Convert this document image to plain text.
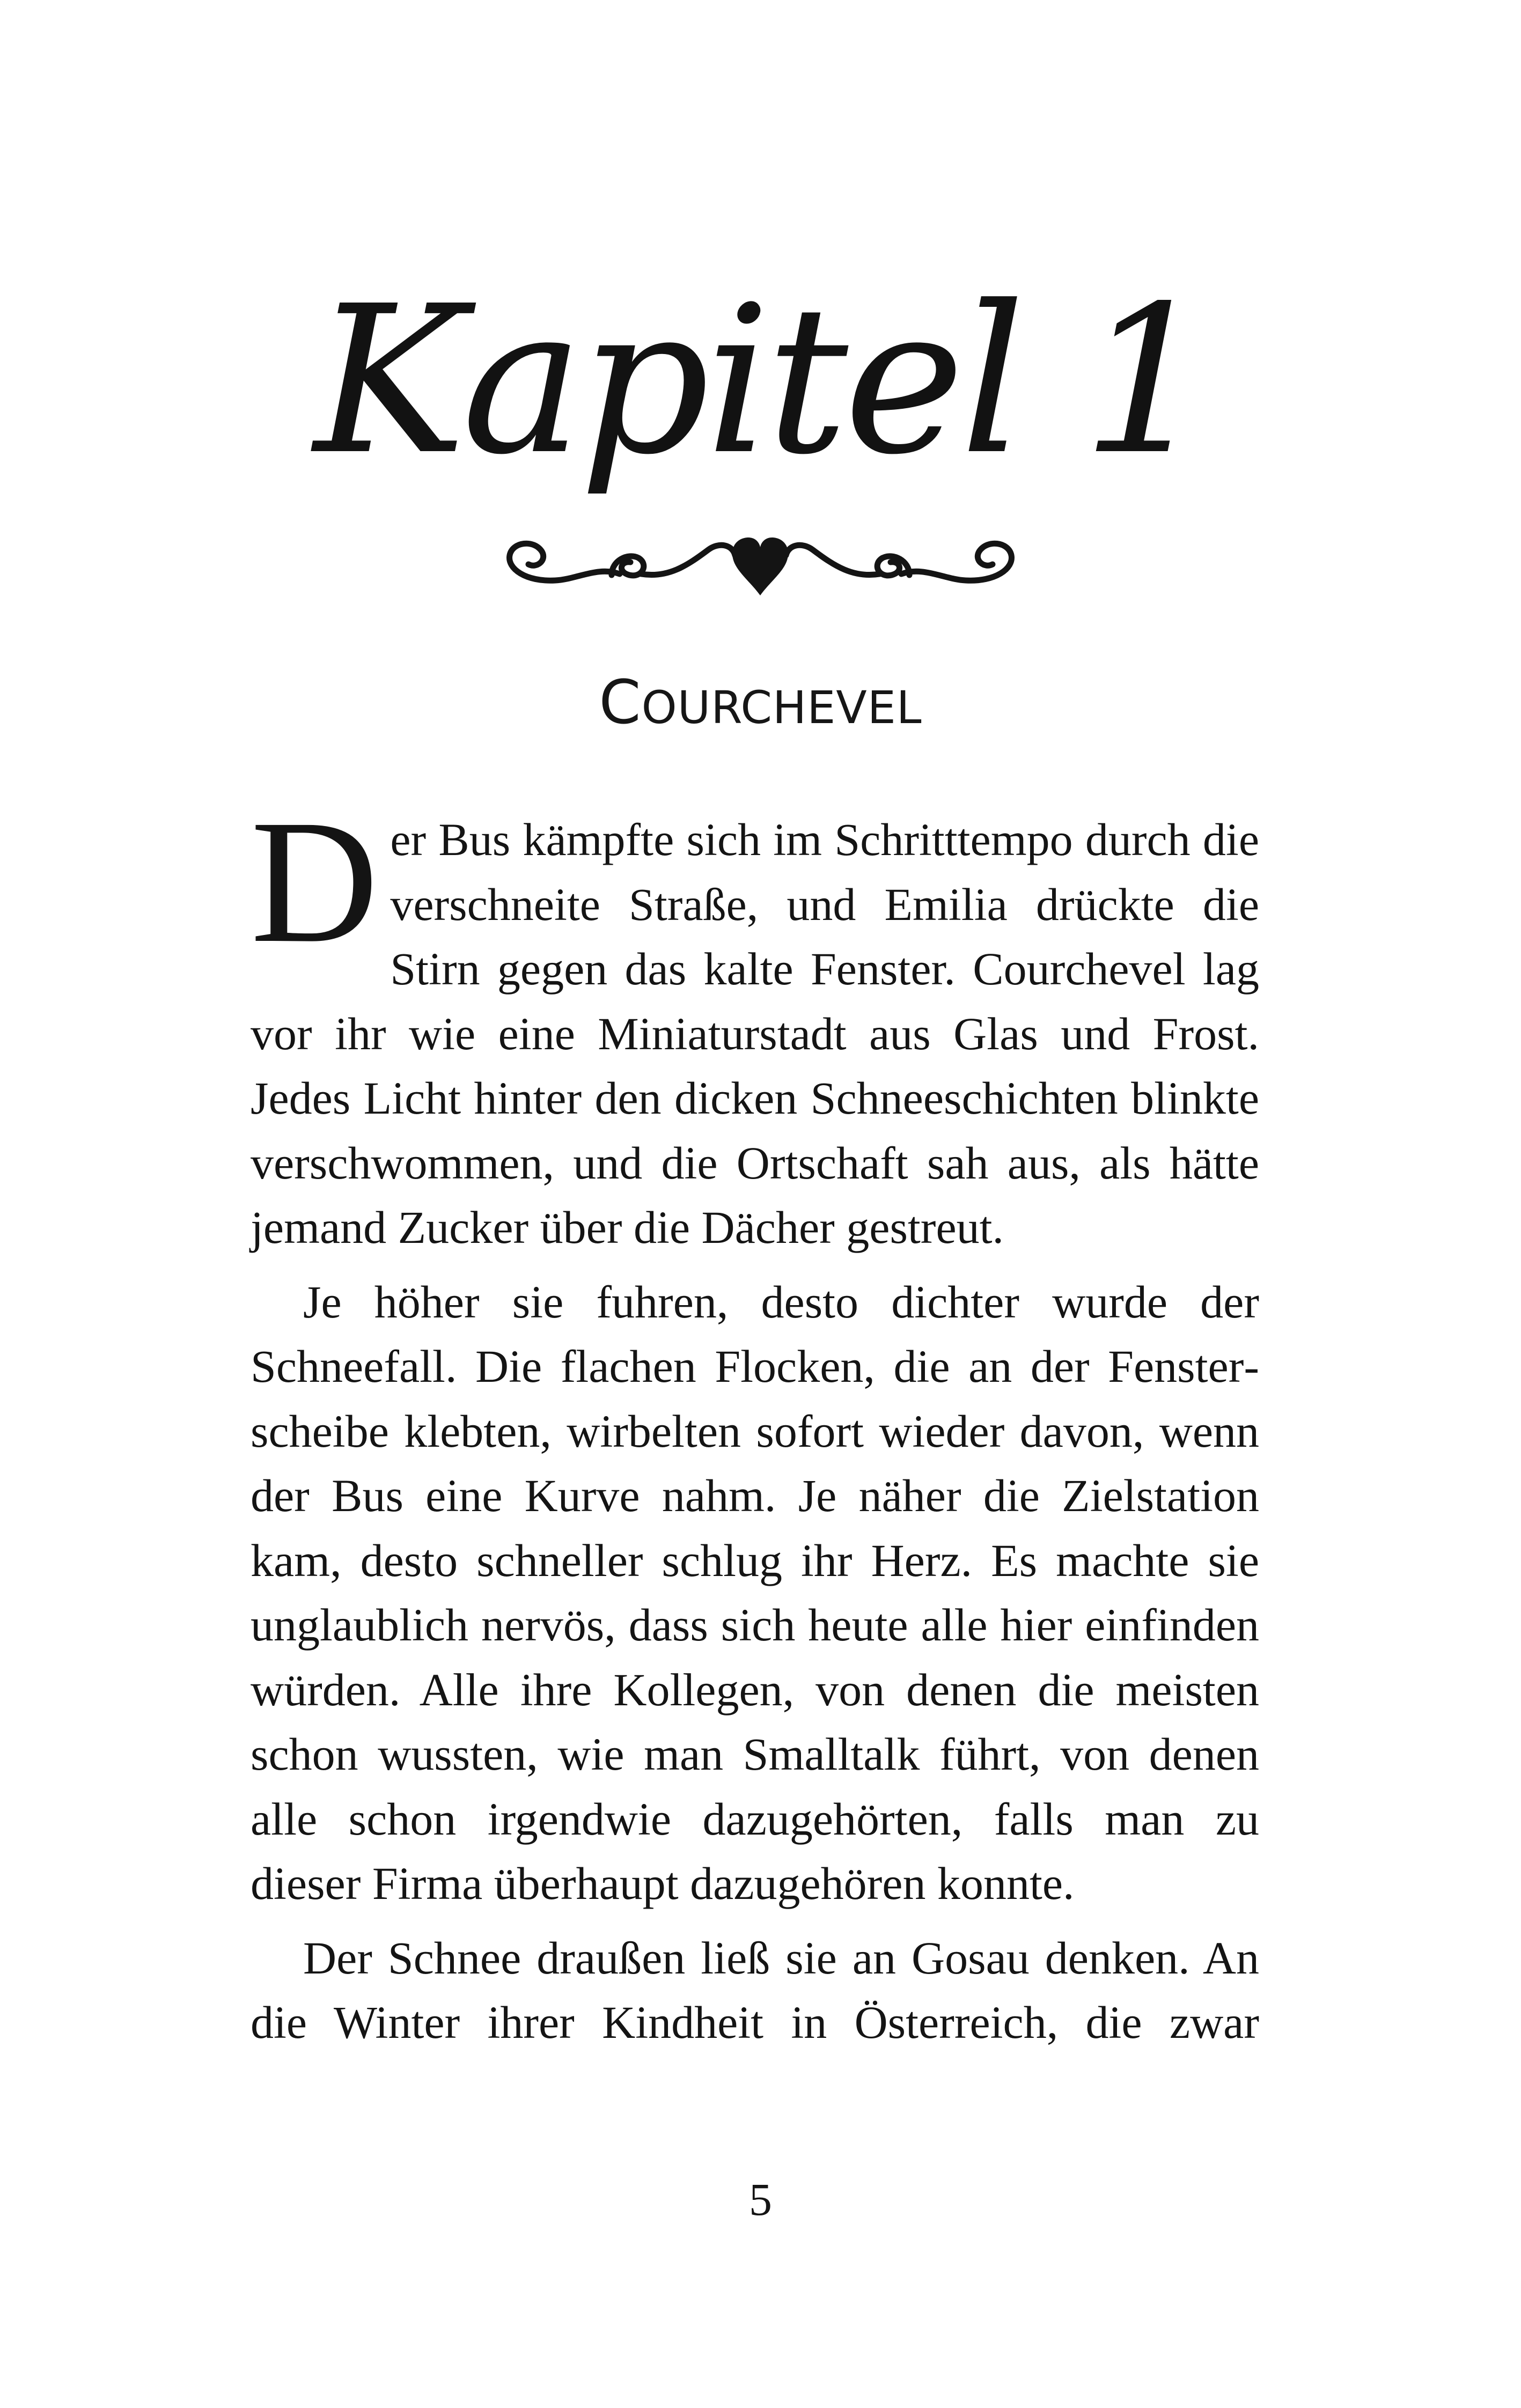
Kapitel 1
COURCHEVEL

Der Bus kämpfte sich im Schritttempo durch die verschneite Straße, und Emilia drückte die Stirn gegen das kalte Fenster. Courchevel lag vor ihr wie eine Miniaturstadt aus Glas und Frost. Jedes Licht hinter den dicken Schneeschichten blinkte verschwommen, und die Ortschaft sah aus, als hätte jemand Zucker über die Dächer gestreut.

Je höher sie fuhren, desto dichter wurde der Schneefall. Die flachen Flocken, die an der Fensterscheibe klebten, wirbelten sofort wieder davon, wenn der Bus eine Kurve nahm. Je näher die Zielstation kam, desto schneller schlug ihr Herz. Es machte sie unglaublich nervös, dass sich heute alle hier einfinden würden. Alle ihre Kollegen, von denen die meisten schon wussten, wie man Smalltalk führt, von denen alle schon irgendwie dazugehörten, falls man zu dieser Firma überhaupt dazugehören konnte.

Der Schnee draußen ließ sie an Gosau denken. An die Winter ihrer Kindheit in Österreich, die zwar

5
